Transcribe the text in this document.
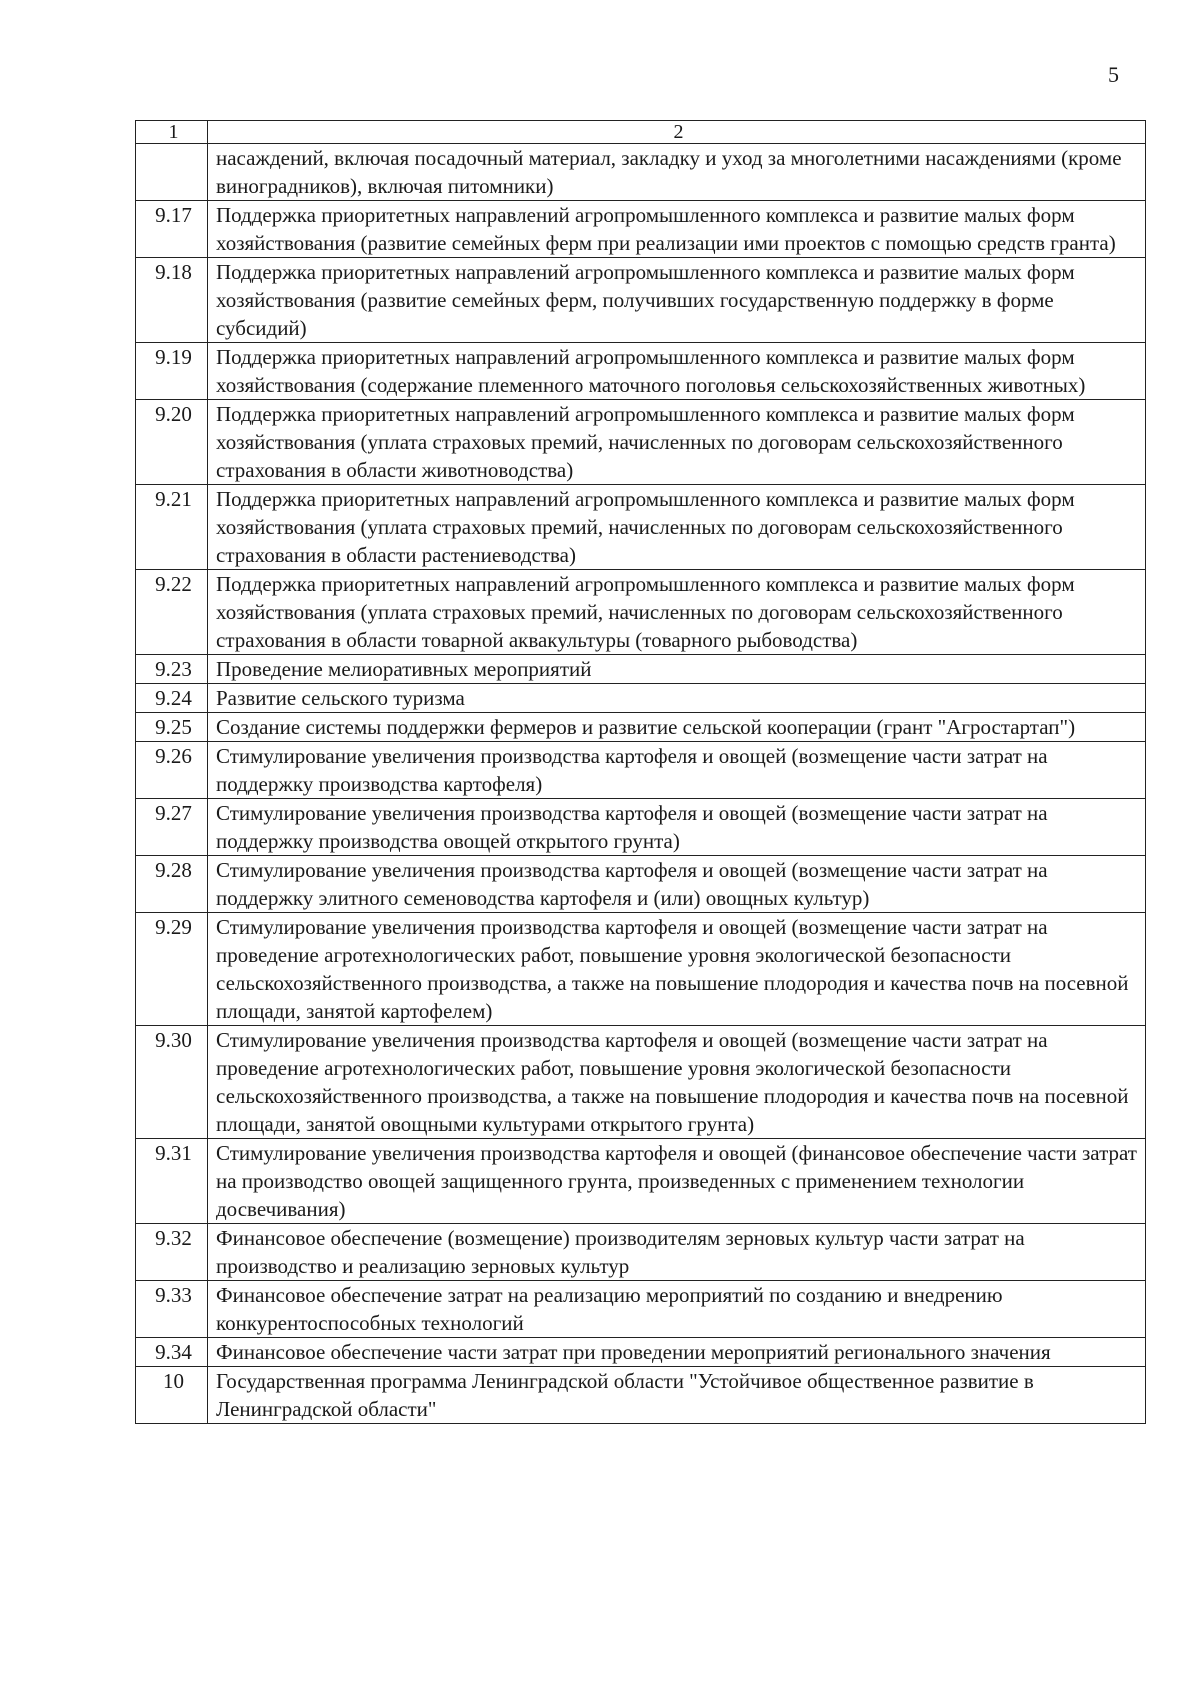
5
1	2
	насаждений, включая посадочный материал, закладку и уход за многолетними насаждениями (кроме виноградников), включая питомники)
9.17	Поддержка приоритетных направлений агропромышленного комплекса и развитие малых форм хозяйствования (развитие семейных ферм при реализации ими проектов с помощью средств гранта)
9.18	Поддержка приоритетных направлений агропромышленного комплекса и развитие малых форм хозяйствования (развитие семейных ферм, получивших государственную поддержку в форме субсидий)
9.19	Поддержка приоритетных направлений агропромышленного комплекса и развитие малых форм хозяйствования (содержание племенного маточного поголовья сельскохозяйственных животных)
9.20	Поддержка приоритетных направлений агропромышленного комплекса и развитие малых форм хозяйствования (уплата страховых премий, начисленных по договорам сельскохозяйственного страхования в области животноводства)
9.21	Поддержка приоритетных направлений агропромышленного комплекса и развитие малых форм хозяйствования (уплата страховых премий, начисленных по договорам сельскохозяйственного страхования в области растениеводства)
9.22	Поддержка приоритетных направлений агропромышленного комплекса и развитие малых форм хозяйствования (уплата страховых премий, начисленных по договорам сельскохозяйственного страхования в области товарной аквакультуры (товарного рыбоводства)
9.23	Проведение мелиоративных мероприятий
9.24	Развитие сельского туризма
9.25	Создание системы поддержки фермеров и развитие сельской кооперации (грант "Агростартап")
9.26	Стимулирование увеличения производства картофеля и овощей (возмещение части затрат на поддержку производства картофеля)
9.27	Стимулирование увеличения производства картофеля и овощей (возмещение части затрат на поддержку производства овощей открытого грунта)
9.28	Стимулирование увеличения производства картофеля и овощей (возмещение части затрат на поддержку элитного семеноводства картофеля и (или) овощных культур)
9.29	Стимулирование увеличения производства картофеля и овощей (возмещение части затрат на проведение агротехнологических работ, повышение уровня экологической безопасности сельскохозяйственного производства, а также на повышение плодородия и качества почв на посевной площади, занятой картофелем)
9.30	Стимулирование увеличения производства картофеля и овощей (возмещение части затрат на проведение агротехнологических работ, повышение уровня экологической безопасности сельскохозяйственного производства, а также на повышение плодородия и качества почв на посевной площади, занятой овощными культурами открытого грунта)
9.31	Стимулирование увеличения производства картофеля и овощей (финансовое обеспечение части затрат на производство овощей защищенного грунта, произведенных с применением технологии досвечивания)
9.32	Финансовое обеспечение (возмещение) производителям зерновых культур части затрат на производство и реализацию зерновых культур
9.33	Финансовое обеспечение затрат на реализацию мероприятий по созданию и внедрению конкурентоспособных технологий
9.34	Финансовое обеспечение части затрат при проведении мероприятий регионального значения
10	Государственная программа Ленинградской области "Устойчивое общественное развитие в Ленинградской области"
